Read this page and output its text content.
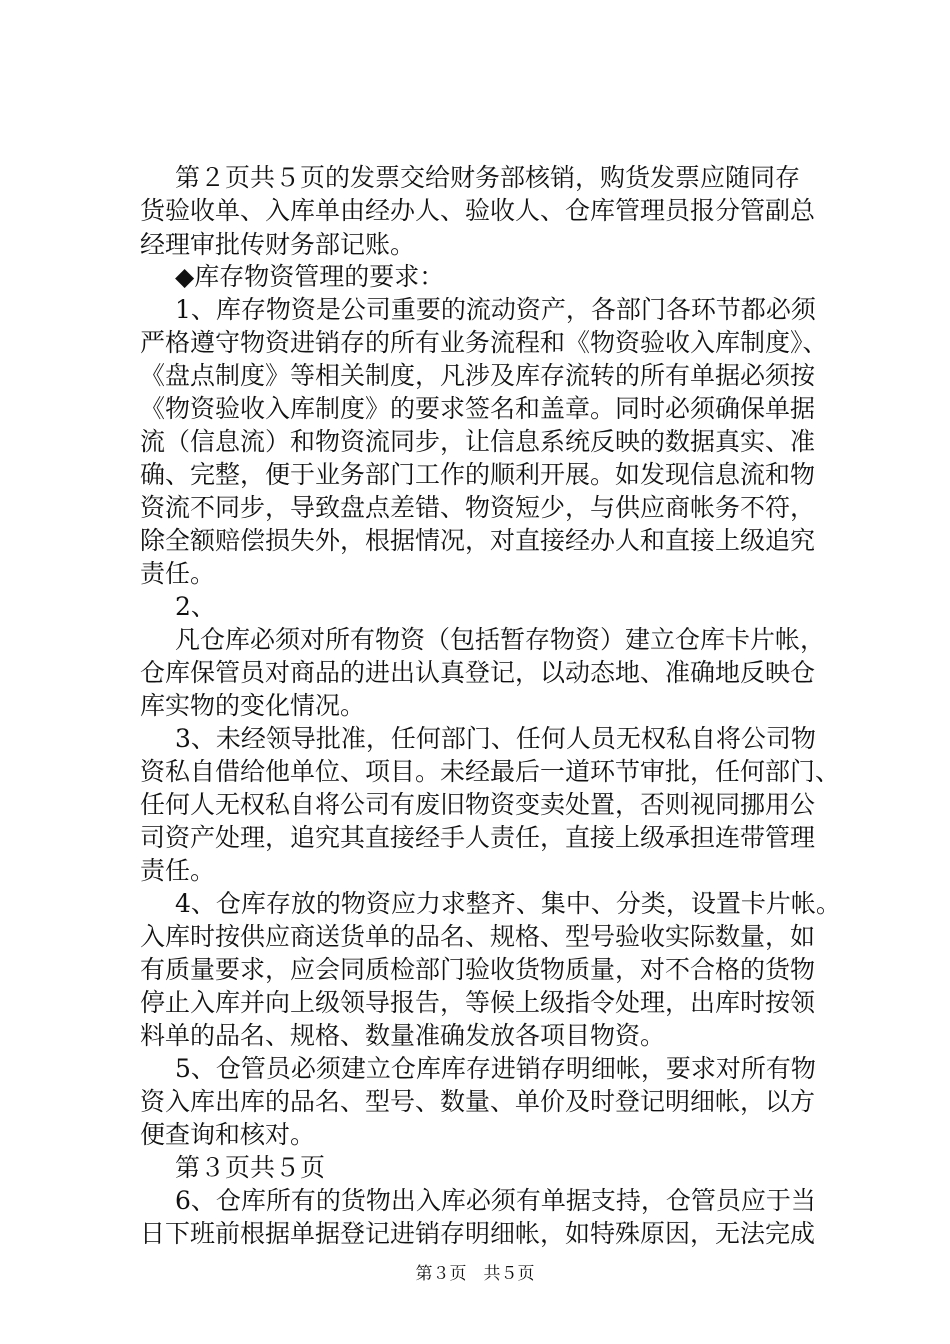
第２页共５页的发票交给财务部核销，购货发票应随同存
货验收单、入库单由经办人、验收人、仓库管理员报分管副总
经理审批传财务部记账。
◆库存物资管理的要求：
1、库存物资是公司重要的流动资产，各部门各环节都必须
严格遵守物资进销存的所有业务流程和《物资验收入库制度》、
《盘点制度》等相关制度，凡涉及库存流转的所有单据必须按
《物资验收入库制度》的要求签名和盖章。同时必须确保单据
流（信息流）和物资流同步，让信息系统反映的数据真实、准
确、完整，便于业务部门工作的顺利开展。如发现信息流和物
资流不同步，导致盘点差错、物资短少，与供应商帐务不符，
除全额赔偿损失外，根据情况，对直接经办人和直接上级追究
责任。
2、
凡仓库必须对所有物资（包括暂存物资）建立仓库卡片帐，
仓库保管员对商品的进出认真登记，以动态地、准确地反映仓
库实物的变化情况。
3、未经领导批准，任何部门、任何人员无权私自将公司物
资私自借给他单位、项目。未经最后一道环节审批，任何部门、
任何人无权私自将公司有废旧物资变卖处置，否则视同挪用公
司资产处理，追究其直接经手人责任，直接上级承担连带管理
责任。
4、仓库存放的物资应力求整齐、集中、分类，设置卡片帐。
入库时按供应商送货单的品名、规格、型号验收实际数量，如
有质量要求，应会同质检部门验收货物质量，对不合格的货物
停止入库并向上级领导报告，等候上级指令处理，出库时按领
料单的品名、规格、数量准确发放各项目物资。
5、仓管员必须建立仓库库存进销存明细帐，要求对所有物
资入库出库的品名、型号、数量、单价及时登记明细帐，以方
便查询和核对。
第３页共５页
6、仓库所有的货物出入库必须有单据支持，仓管员应于当
日下班前根据单据登记进销存明细帐，如特殊原因，无法完成
第３页　共５页
